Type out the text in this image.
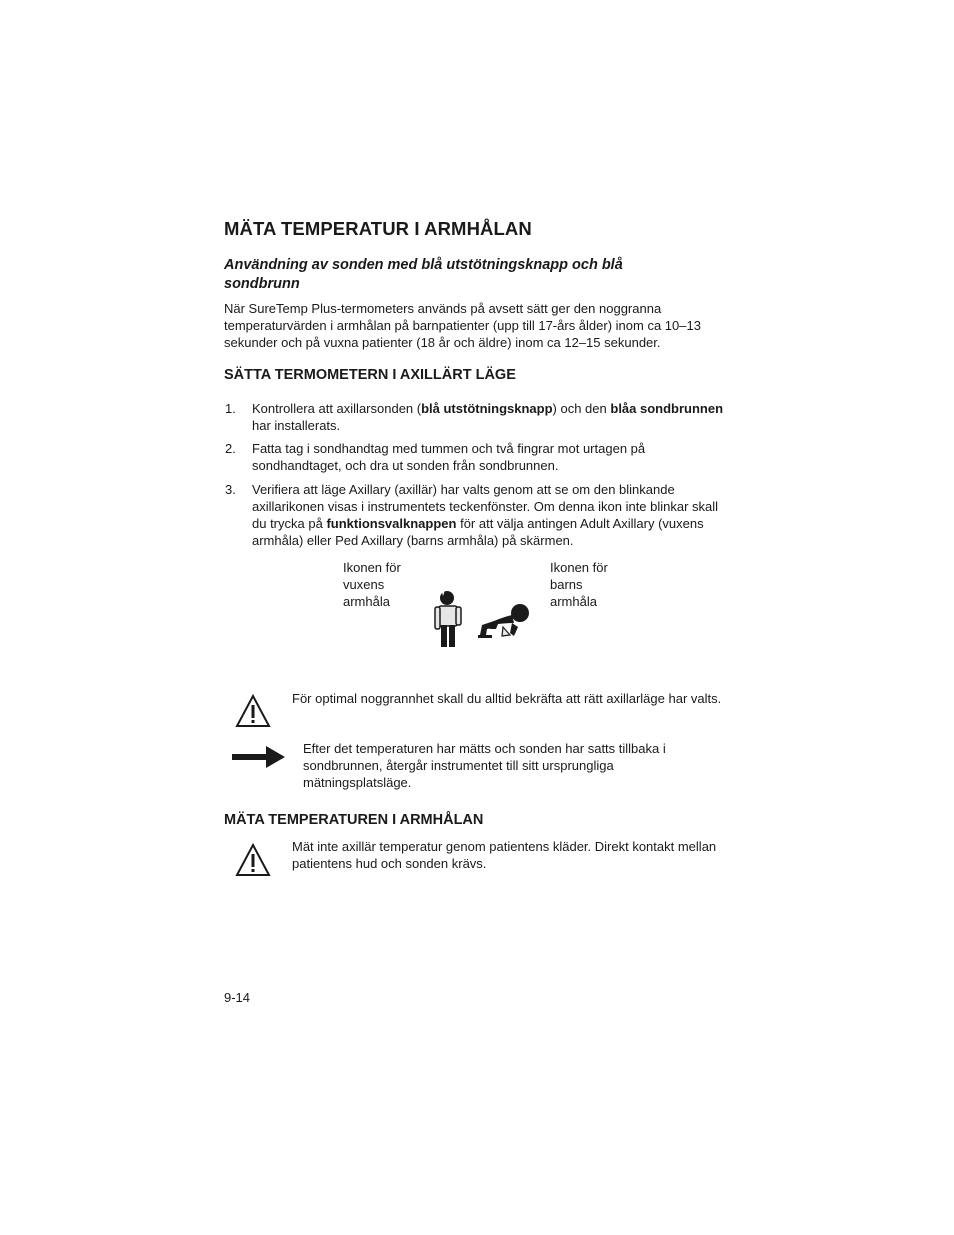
MÄTA TEMPERATUR I ARMHÅLAN
Användning av sonden med blå utstötningsknapp och blå sondbrunn
När SureTemp Plus-termometers används på avsett sätt ger den noggranna temperaturvärden i armhålan på barnpatienter (upp till 17-års ålder) inom ca 10–13 sekunder och på vuxna patienter (18 år och äldre) inom ca 12–15 sekunder.
SÄTTA TERMOMETERN I AXILLÄRT LÄGE
1.	Kontrollera att axillarsonden (blå utstötningsknapp) och den blåa sondbrunnen har installerats.
2.	Fatta tag i sondhandtag med tummen och två fingrar mot urtagen på sondhandtaget, och dra ut sonden från sondbrunnen.
3.	Verifiera att läge Axillary (axillär) har valts genom att se om den blinkande axillarikonen visas i instrumentets teckenfönster. Om denna ikon inte blinkar skall du trycka på funktionsvalknappen för att välja antingen Adult Axillary (vuxens armhåla) eller Ped Axillary (barns armhåla) på skärmen.
Ikonen för
vuxens
armhåla
Ikonen för
barns
armhåla
För optimal noggrannhet skall du alltid bekräfta att rätt axillarläge har valts.
Efter det temperaturen har mätts och sonden har satts tillbaka i sondbrunnen, återgår instrumentet till sitt ursprungliga mätningsplatsläge.
MÄTA TEMPERATUREN I ARMHÅLAN
Mät inte axillär temperatur genom patientens kläder. Direkt kontakt mellan patientens hud och sonden krävs.
9-14
